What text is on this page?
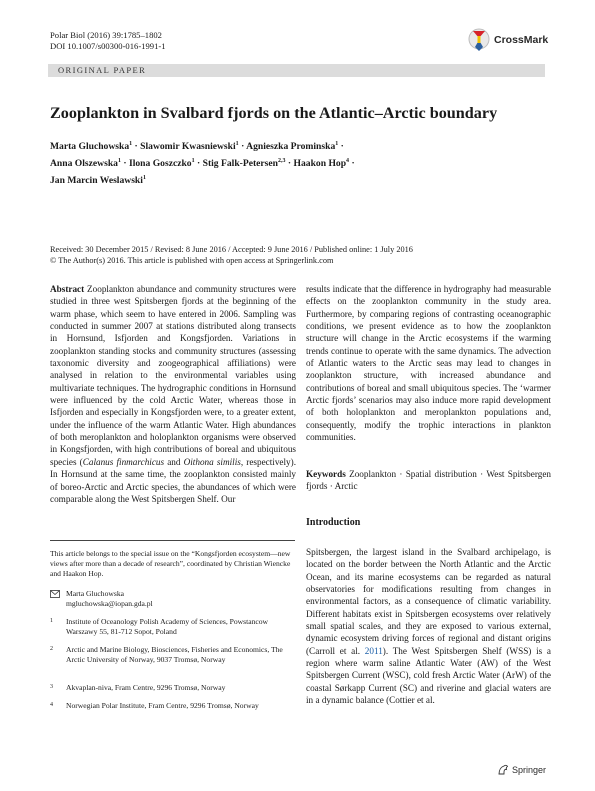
Polar Biol (2016) 39:1785–1802
DOI 10.1007/s00300-016-1991-1	CrossMark
ORIGINAL PAPER
Zooplankton in Svalbard fjords on the Atlantic–Arctic boundary
Marta Gluchowska$^1$ · Slawomir Kwasniewski$^1$ · Agnieszka Prominska$^1$ ·
Anna Olszewska$^1$ · Ilona Goszczko$^1$ · Stig Falk-Petersen$^{2,3}$ · Haakon Hop$^4$ ·
Jan Marcin Weslawski$^1$
Received: 30 December 2015 / Revised: 8 June 2016 / Accepted: 9 June 2016 / Published online: 1 July 2016
© The Author(s) 2016. This article is published with open access at Springerlink.com

Abstract Zooplankton abundance and community structures were studied in three west Spitsbergen fjords at the beginning of the warm phase, which seem to have entered in 2006. Sampling was conducted in summer 2007 at stations distributed along transects in Hornsund, Isfjorden and Kongsfjorden. Variations in zooplankton standing stocks and community structures (assessing taxonomic diversity and zoogeographical affiliations) were analysed in relation to the environmental variables using multivariate techniques. The hydrographic conditions in Hornsund were influenced by the cold Arctic Water, whereas those in Isfjorden and especially in Kongsfjorden were, to a greater extent, under the influence of the warm Atlantic Water. High abundances of both meroplankton and holoplankton organisms were observed in Kongsfjorden, with high contributions of boreal and ubiquitous species (Calanus finmarchicus and Oithona similis, respectively). In Hornsund at the same time, the zooplankton consisted mainly of boreo-Arctic and Arctic species, the abundances of which were comparable along the West Spitsbergen Shelf. Our

results indicate that the difference in hydrography had measurable effects on the zooplankton community in the study area. Furthermore, by comparing regions of contrasting oceanographic conditions, we present evidence as to how the zooplankton structure will change in the Arctic ecosystems if the warming trends continue to operate with the same dynamics. The advection of Atlantic waters to the Arctic seas may lead to changes in zooplankton structure, with increased abundance and contributions of boreal and small ubiquitous species. The ‘warmer Arctic fjords’ scenarios may also induce more rapid development of both holoplankton and meroplankton populations and, consequently, modify the trophic interactions in plankton communities.

Keywords Zooplankton · Spatial distribution · West Spitsbergen fjords · Arctic

Introduction

Spitsbergen, the largest island in the Svalbard archipelago, is located on the border between the North Atlantic and the Arctic Ocean, and its marine ecosystems can be regarded as natural observatories for modifications resulting from changes in environmental factors, as a consequence of climatic variability. Different habitats exist in Spitsbergen ecosystems over relatively small spatial scales, and they are exposed to various external, dynamic ecosystem driving forces of regional and distant origins (Carroll et al. 2011). The West Spitsbergen Shelf (WSS) is a region where warm saline Atlantic Water (AW) of the West Spitsbergen Current (WSC), cold fresh Arctic Water (ArW) of the coastal Sørkapp Current (SC) and riverine and glacial waters are in a dynamic balance (Cottier et al.

This article belongs to the special issue on the “Kongsfjorden ecosystem—new views after more than a decade of research”, coordinated by Christian Wiencke and Haakon Hop.
Marta Gluchowska
mgluchowska@iopan.gda.pl
1 Institute of Oceanology Polish Academy of Sciences, Powstancow Warszawy 55, 81-712 Sopot, Poland
2 Arctic and Marine Biology, Biosciences, Fisheries and Economics, The Arctic University of Norway, 9037 Tromsø, Norway
3 Akvaplan-niva, Fram Centre, 9296 Tromsø, Norway
4 Norwegian Polar Institute, Fram Centre, 9296 Tromsø, Norway
Springer
